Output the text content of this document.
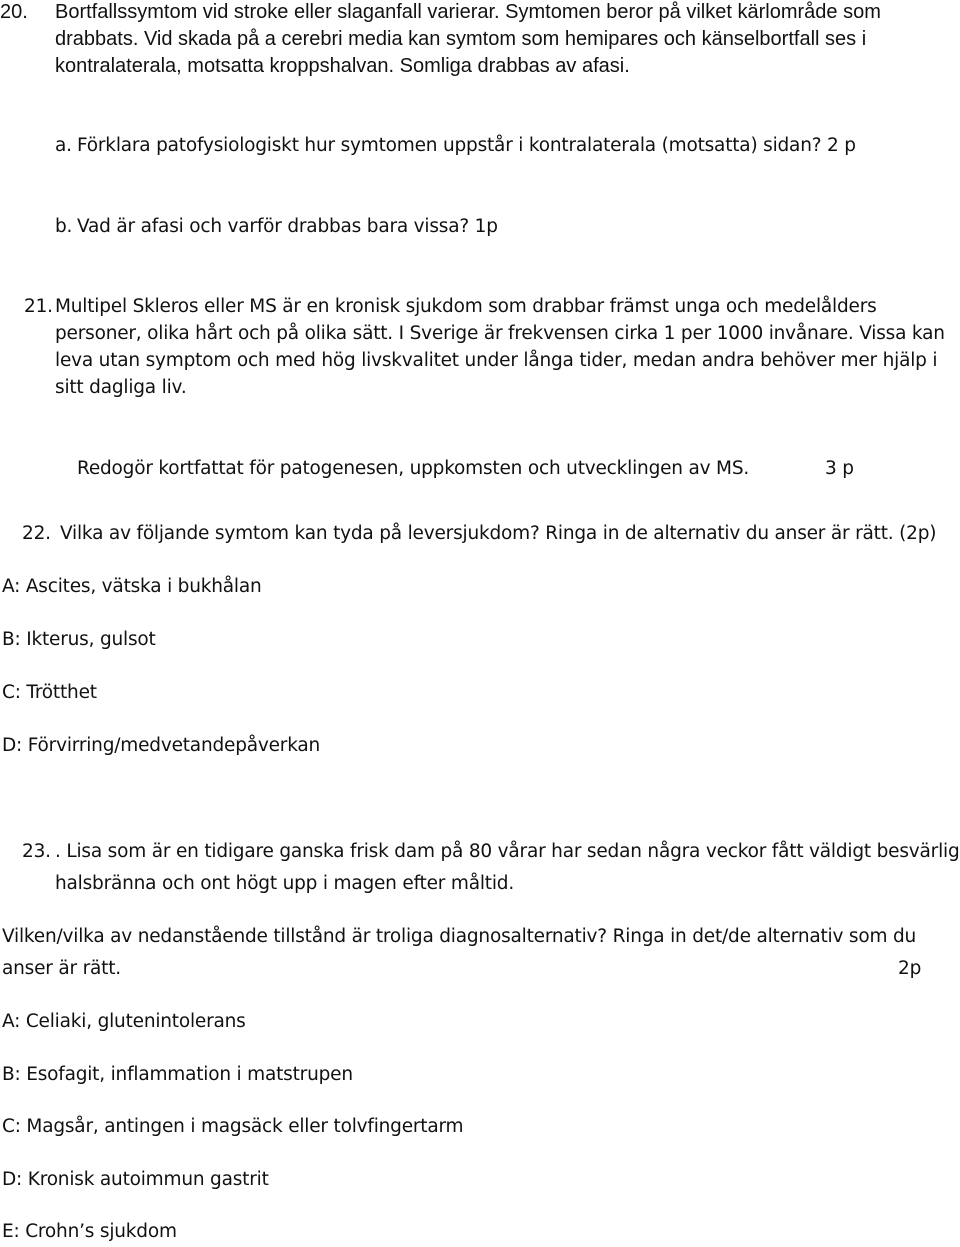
20. Bortfallssymtom vid stroke eller slaganfall varierar. Symtomen beror på vilket kärlområde som
drabbats. Vid skada på a cerebri media kan symtom som hemipares och känselbortfall ses i
kontralaterala, motsatta kroppshalvan. Somliga drabbas av afasi.
a. Förklara patofysiologiskt hur symtomen uppstår i kontralaterala (motsatta) sidan? 2 p
b. Vad är afasi och varför drabbas bara vissa? 1p
21. Multipel Skleros eller MS är en kronisk sjukdom som drabbar främst unga och medelålders
personer, olika hårt och på olika sätt. I Sverige är frekvensen cirka 1 per 1000 invånare. Vissa kan
leva utan symptom och med hög livskvalitet under långa tider, medan andra behöver mer hjälp i
sitt dagliga liv.
Redogör kortfattat för patogenesen, uppkomsten och utvecklingen av MS.	3 p
22. Vilka av följande symtom kan tyda på leversjukdom? Ringa in de alternativ du anser är rätt. (2p)
A: Ascites, vätska i bukhålan
B: Ikterus, gulsot
C: Trötthet
D: Förvirring/medvetandepåverkan
23. . Lisa som är en tidigare ganska frisk dam på 80 vårar har sedan några veckor fått väldigt besvärlig
halsbränna och ont högt upp i magen efter måltid.
Vilken/vilka av nedanstående tillstånd är troliga diagnosalternativ? Ringa in det/de alternativ som du
anser är rätt.	2p
A: Celiaki, glutenintolerans
B: Esofagit, inflammation i matstrupen
C: Magsår, antingen i magsäck eller tolvfingertarm
D: Kronisk autoimmun gastrit
E: Crohn’s sjukdom
